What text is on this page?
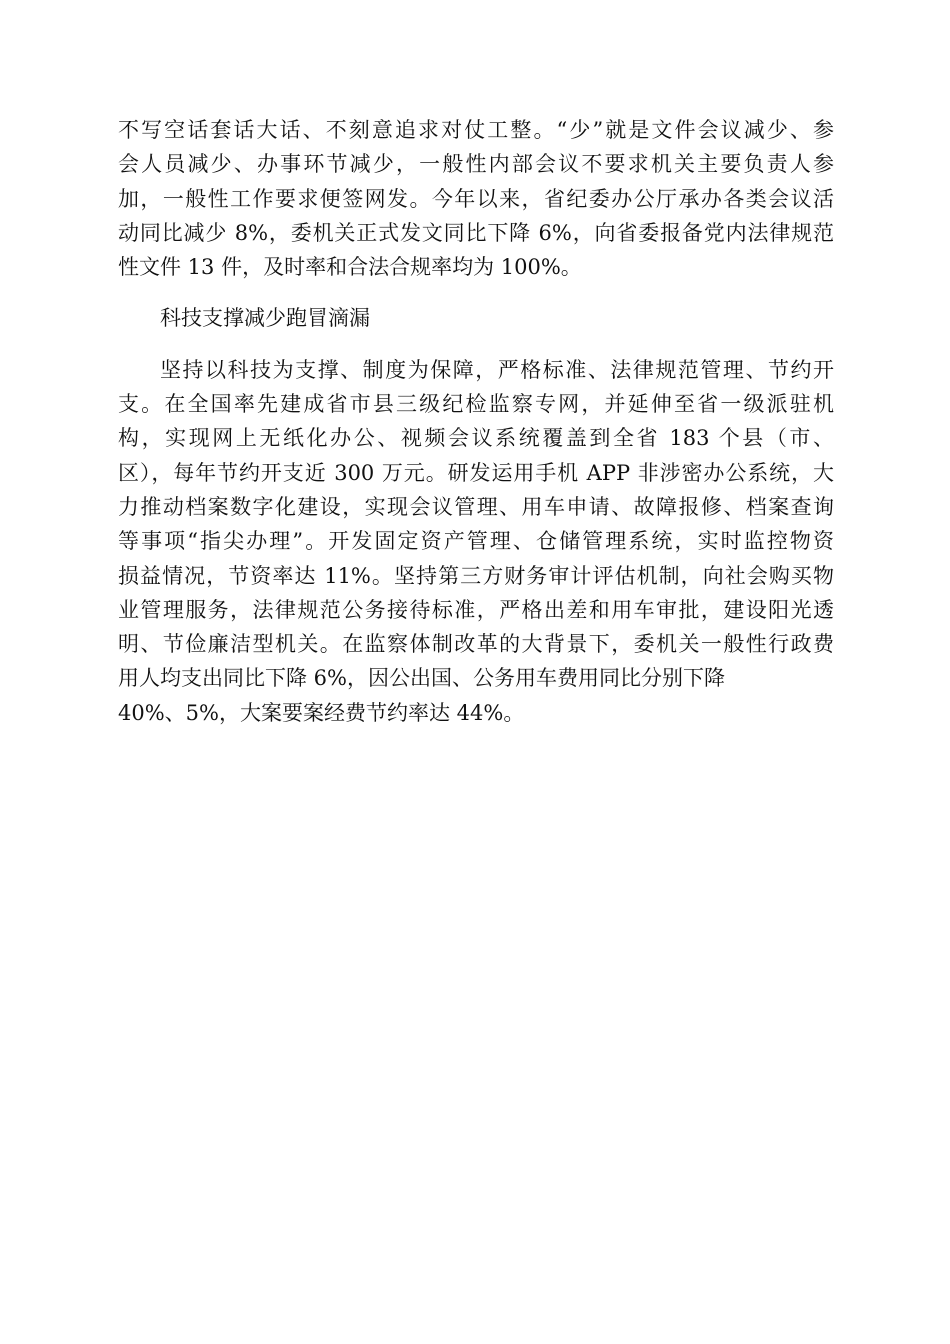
不写空话套话大话、不刻意追求对仗工整。“少”就是文件会议减少、参
会人员减少、办事环节减少，一般性内部会议不要求机关主要负责人参
加，一般性工作要求便签网发。今年以来，省纪委办公厅承办各类会议活
动同比减少 8%，委机关正式发文同比下降 6%，向省委报备党内法律规范
性文件 13 件，及时率和合法合规率均为 100%。
科技支撑减少跑冒滴漏
坚持以科技为支撑、制度为保障，严格标准、法律规范管理、节约开
支。在全国率先建成省市县三级纪检监察专网，并延伸至省一级派驻机
构，实现网上无纸化办公、视频会议系统覆盖到全省 183 个县（市、
区），每年节约开支近 300 万元。研发运用手机 APP 非涉密办公系统，大
力推动档案数字化建设，实现会议管理、用车申请、故障报修、档案查询
等事项“指尖办理”。开发固定资产管理、仓储管理系统，实时监控物资
损益情况，节资率达 11%。坚持第三方财务审计评估机制，向社会购买物
业管理服务，法律规范公务接待标准，严格出差和用车审批，建设阳光透
明、节俭廉洁型机关。在监察体制改革的大背景下，委机关一般性行政费
用人均支出同比下降 6%，因公出国、公务用车费用同比分别下降
40%、5%，大案要案经费节约率达 44%。
